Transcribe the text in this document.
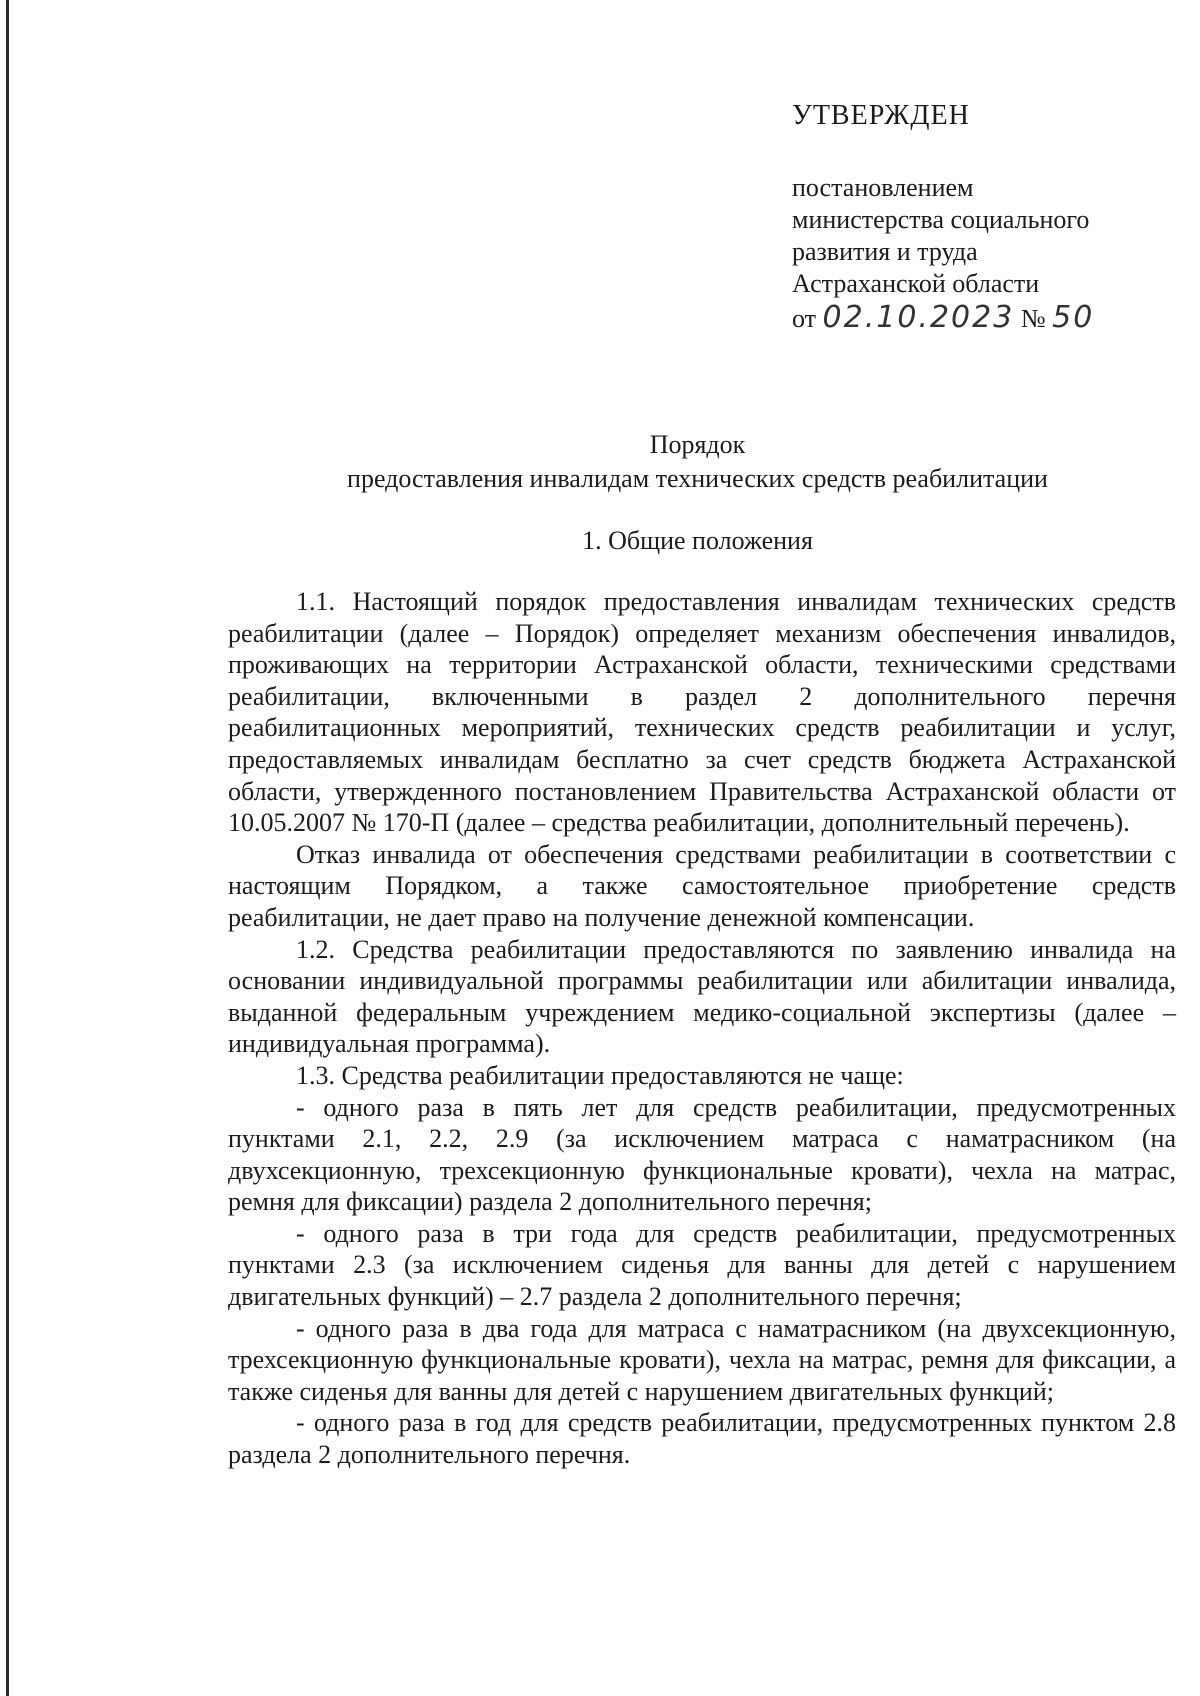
УТВЕРЖДЕН
постановлением
министерства социального
развития и труда
Астраханской области
от 02.10.2023 № 50
Порядок
предоставления инвалидам технических средств реабилитации
1. Общие положения

1.1. Настоящий порядок предоставления инвалидам технических средств реабилитации (далее – Порядок) определяет механизм обеспечения инвалидов, проживающих на территории Астраханской области, техническими средствами реабилитации, включенными в раздел 2 дополнительного перечня реабилитационных мероприятий, технических средств реабилитации и услуг, предоставляемых инвалидам бесплатно за счет средств бюджета Астраханской области, утвержденного постановлением Правительства Астраханской области от 10.05.2007 № 170-П (далее – средства реабилитации, дополнительный перечень).

Отказ инвалида от обеспечения средствами реабилитации в соответствии с настоящим Порядком, а также самостоятельное приобретение средств реабилитации, не дает право на получение денежной компенсации.

1.2. Средства реабилитации предоставляются по заявлению инвалида на основании индивидуальной программы реабилитации или абилитации инвалида, выданной федеральным учреждением медико-социальной экспертизы (далее – индивидуальная программа).

1.3. Средства реабилитации предоставляются не чаще:

- одного раза в пять лет для средств реабилитации, предусмотренных пунктами 2.1, 2.2, 2.9 (за исключением матраса с наматрасником (на двухсекционную, трехсекционную функциональные кровати), чехла на матрас, ремня для фиксации) раздела 2 дополнительного перечня;

- одного раза в три года для средств реабилитации, предусмотренных пунктами 2.3 (за исключением сиденья для ванны для детей с нарушением двигательных функций) – 2.7 раздела 2 дополнительного перечня;

- одного раза в два года для матраса с наматрасником (на двухсекционную, трехсекционную функциональные кровати), чехла на матрас, ремня для фиксации, а также сиденья для ванны для детей с нарушением двигательных функций;

- одного раза в год для средств реабилитации, предусмотренных пунктом 2.8 раздела 2 дополнительного перечня.
